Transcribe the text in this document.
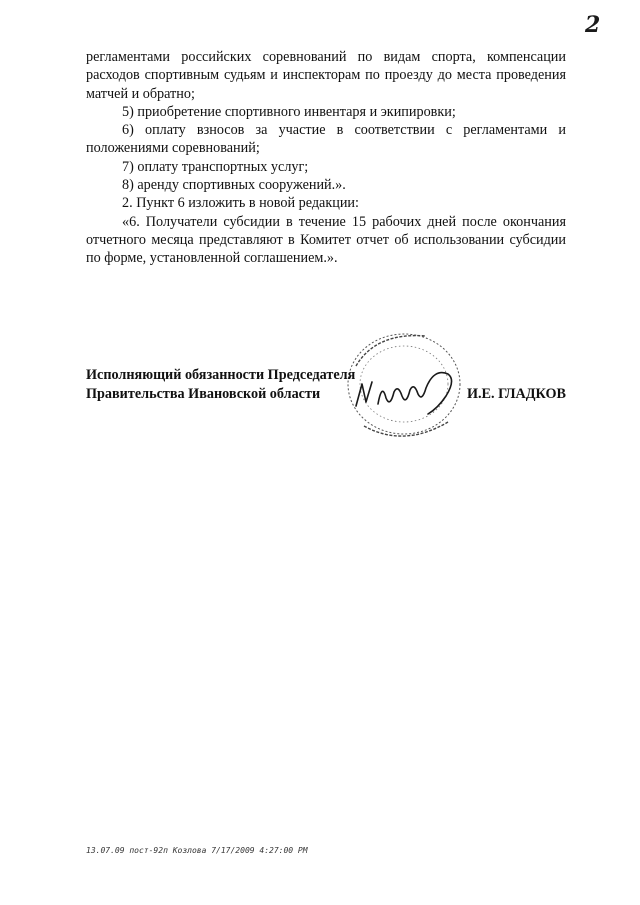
2

регламентами российских соревнований по видам спорта, компенсации расходов спортивным судьям и инспекторам по проезду до места проведения матчей и обратно;

5) приобретение спортивного инвентаря и экипировки;

6) оплату взносов за участие в соответствии с регламентами и положениями соревнований;

7) оплату транспортных услуг;

8) аренду спортивных сооружений.».

2. Пункт 6 изложить в новой редакции:

«6. Получатели субсидии в течение 15 рабочих дней после окончания отчетного месяца представляют в Комитет отчет об использовании субсидии по форме, установленной соглашением.».

Исполняющий обязанности Председателя
Правительства Ивановской области	И.Е. ГЛАДКОВ
13.07.09 пост-92п Козлова 7/17/2009 4:27:00 PM
